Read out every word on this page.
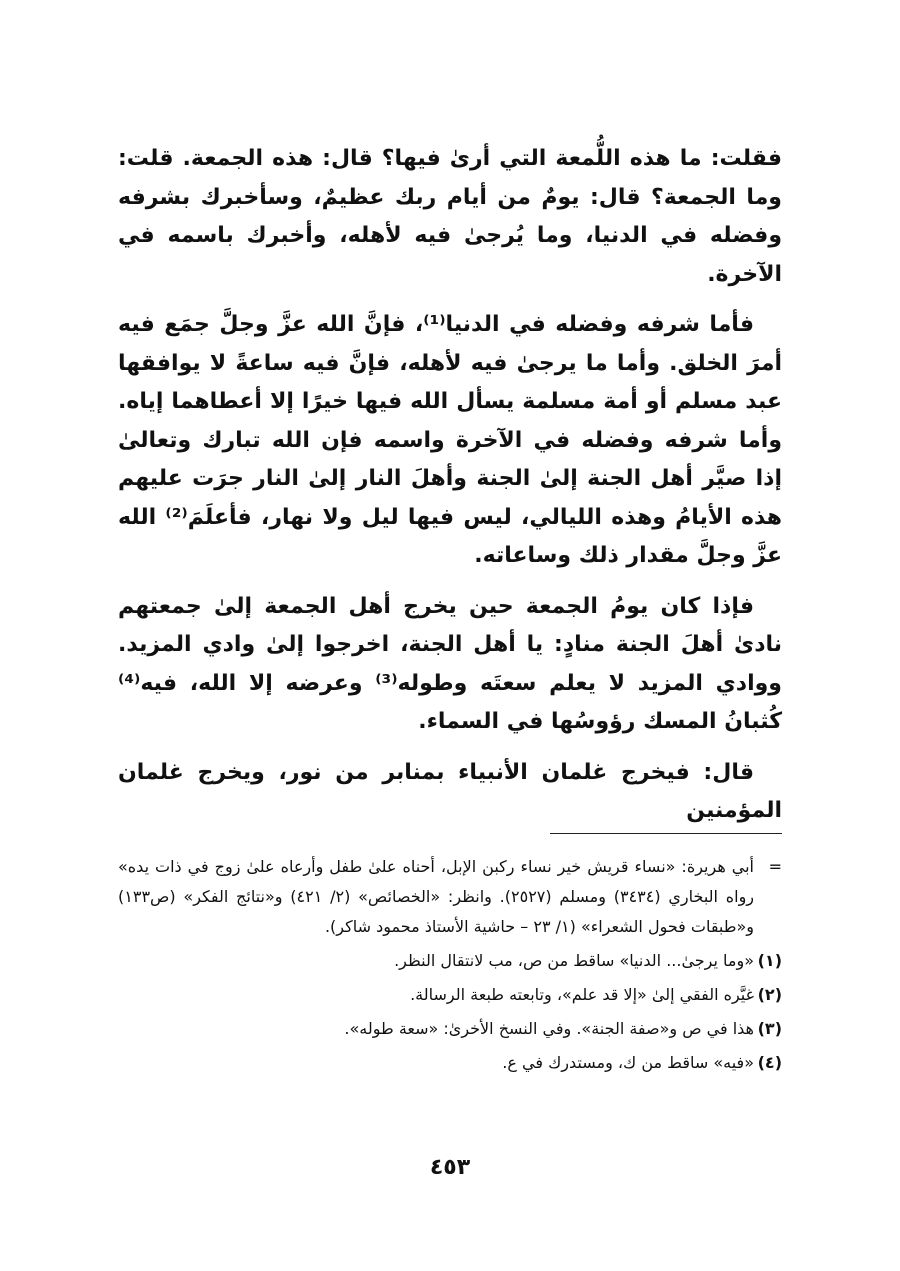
فقلت: ما هذه اللُّمعة التي أرىٰ فيها؟ قال: هذه الجمعة. قلت: وما الجمعة؟ قال: يومٌ من أيام ربك عظيمٌ، وسأخبرك بشرفه وفضله في الدنيا، وما يُرجىٰ فيه لأهله، وأخبرك باسمه في الآخرة.

فأما شرفه وفضله في الدنيا⁽¹⁾، فإنَّ الله عزَّ وجلَّ جمَع فيه أمرَ الخلق. وأما ما يرجىٰ فيه لأهله، فإنَّ فيه ساعةً لا يوافقها عبد مسلم أو أمة مسلمة يسأل الله فيها خيرًا إلا أعطاهما إياه. وأما شرفه وفضله في الآخرة واسمه فإن الله تبارك وتعالىٰ إذا صيَّر أهل الجنة إلىٰ الجنة وأهلَ النار إلىٰ النار جرَت عليهم هذه الأيامُ وهذه الليالي، ليس فيها ليل ولا نهار، فأعلَمَ⁽²⁾ الله عزَّ وجلَّ مقدار ذلك وساعاته.

فإذا كان يومُ الجمعة حين يخرج أهل الجمعة إلىٰ جمعتهم نادىٰ أهلَ الجنة منادٍ: يا أهل الجنة، اخرجوا إلىٰ وادي المزيد. ووادي المزيد لا يعلم سعتَه وطوله⁽³⁾ وعرضه إلا الله، فيه⁽⁴⁾ كُثبانُ المسك رؤوسُها في السماء.

قال: فيخرج غلمان الأنبياء بمنابر من نور، ويخرج غلمان المؤمنين

=
أبي هريرة: «نساء قريش خير نساء ركبن الإبل، أحناه علىٰ طفل وأرعاه علىٰ زوج في ذات يده» رواه البخاري (٣٤٣٤) ومسلم (٢٥٢٧). وانظر: «الخصائص» (٢/ ٤٢١) و«نتائج الفكر» (ص١٣٣) و«طبقات فحول الشعراء» (١/ ٢٣ – حاشية الأستاذ محمود شاكر).
(١)
«وما يرجىٰ... الدنيا» ساقط من ص، مب لانتقال النظر.
(٢)
غيَّره الفقي إلىٰ «إلا قد علم»، وتابعته طبعة الرسالة.
(٣)
هذا في ص و«صفة الجنة». وفي النسخ الأخرىٰ: «سعة طوله».
(٤)
«فيه» ساقط من ك، ومستدرك في ع.
٤٥٣
